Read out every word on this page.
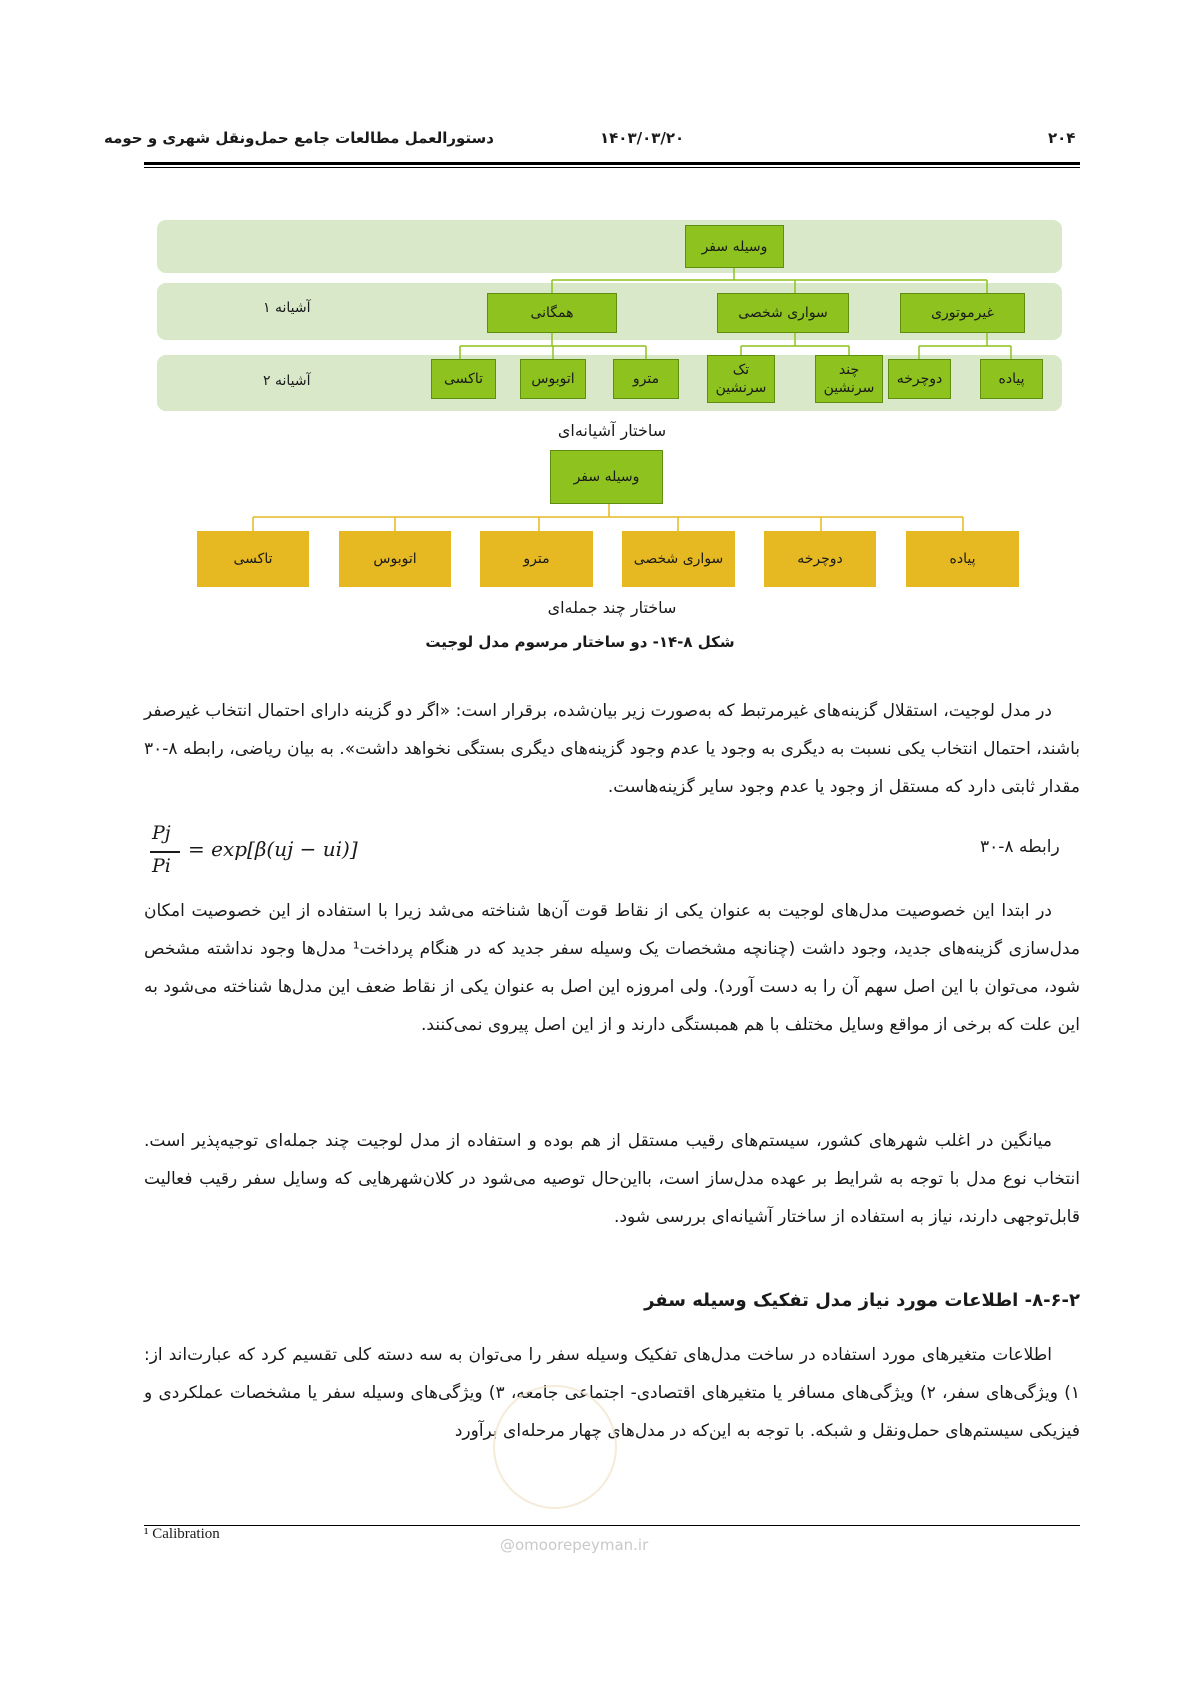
۲۰۴
۱۴۰۳/۰۳/۲۰
دستورالعمل مطالعات جامع حمل‌ونقل شهری و حومه
وسیله سفر
آشیانه ۱
آشیانه ۲
همگانی	سواری شخصی	غیرموتوری
تاکسی	اتوبوس	مترو
تک سرنشین
چند سرنشین
دوچرخه	پیاده
ساختار آشیانه‌ای
وسیله سفر
تاکسی	اتوبوس	مترو	سواری شخصی	دوچرخه	پیاده
ساختار چند جمله‌ای
شکل ۸-۱۴- دو ساختار مرسوم مدل لوجیت

در مدل لوجیت، استقلال گزینه‌های غیرمرتبط که به‌صورت زیر بیان‌شده، برقرار است: «اگر دو گزینه دارای احتمال انتخاب غیرصفر باشند، احتمال انتخاب یکی نسبت به دیگری به وجود یا عدم وجود گزینه‌های دیگری بستگی نخواهد داشت». به بیان ریاضی، رابطه ۸-۳۰ مقدار ثابتی دارد که مستقل از وجود یا عدم وجود سایر گزینه‌هاست.

Pj
Pi
= exp[β(uj − ui)]	رابطه ۸-۳۰

در ابتدا این خصوصیت مدل‌های لوجیت به عنوان یکی از نقاط قوت آن‌ها شناخته می‌شد زیرا با استفاده از این خصوصیت امکان مدل‌سازی گزینه‌های جدید، وجود داشت (چنانچه مشخصات یک وسیله سفر جدید که در هنگام پرداخت¹ مدل‌ها وجود نداشته مشخص شود، می‌توان با این اصل سهم آن را به دست آورد). ولی امروزه این اصل به عنوان یکی از نقاط ضعف این مدل‌ها شناخته می‌شود به این علت که برخی از مواقع وسایل مختلف با هم همبستگی دارند و از این اصل پیروی نمی‌کنند.

میانگین در اغلب شهرهای کشور، سیستم‌های رقیب مستقل از هم بوده و استفاده از مدل لوجیت چند جمله‌ای توجیه‌پذیر است. انتخاب نوع مدل با توجه به شرایط بر عهده مدل‌ساز است، بااین‌حال توصیه می‌شود در کلان‌شهرهایی که وسایل سفر رقیب فعالیت قابل‌توجهی دارند، نیاز به استفاده از ساختار آشیانه‌ای بررسی شود.

۸-۶-۲- اطلاعات مورد نیاز مدل تفکیک وسیله سفر

اطلاعات متغیرهای مورد استفاده در ساخت مدل‌های تفکیک وسیله سفر را می‌توان به سه دسته کلی تقسیم کرد که عبارت‌اند از: ۱) ویژگی‌های سفر، ۲) ویژگی‌های مسافر یا متغیرهای اقتصادی- اجتماعی جامعه، ۳) ویژگی‌های وسیله سفر یا مشخصات عملکردی و فیزیکی سیستم‌های حمل‌ونقل و شبکه. با توجه به این‌که در مدل‌های چهار مرحله‌ای برآورد

@omoorepeyman.ir
¹ Calibration
